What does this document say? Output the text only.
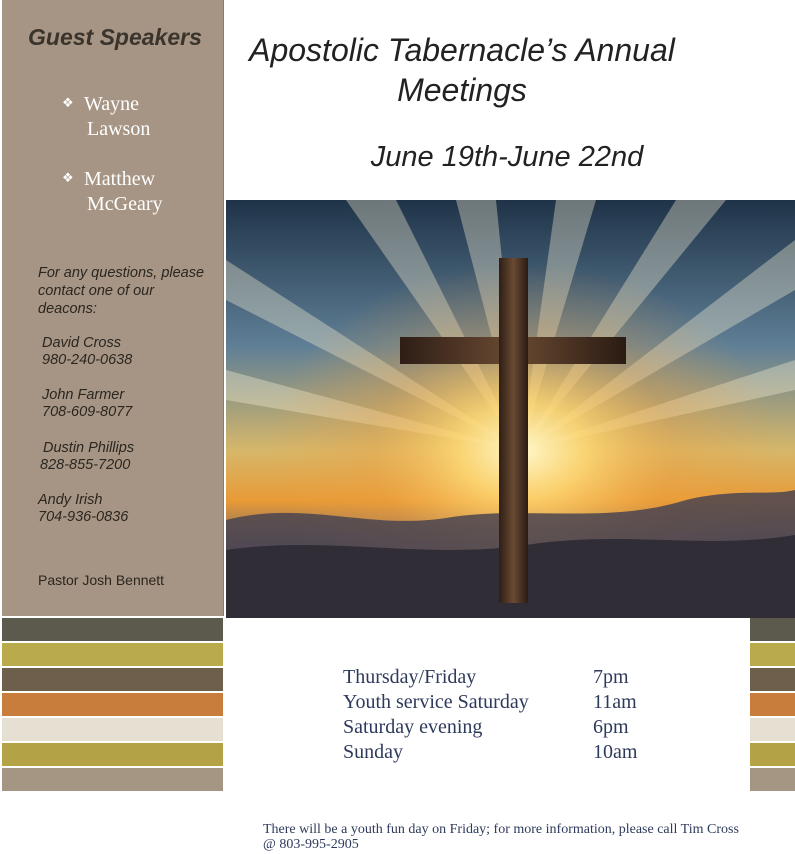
Guest Speakers
❖ Wayne
Lawson
❖ Matthew
McGeary
For any questions, please contact one of our deacons:
David Cross
980-240-0638
John Farmer
708-609-8077
Dustin Phillips
828-855-7200
Andy Irish
704-936-0836
Pastor Josh Bennett
Apostolic Tabernacle’s Annual Meetings
June 19th-June 22nd
Thursday/Friday	7pm
Youth service Saturday	11am
Saturday evening	6pm
Sunday	10am
There will be a youth fun day on Friday; for more information, please call Tim Cross @ 803-995-2905
